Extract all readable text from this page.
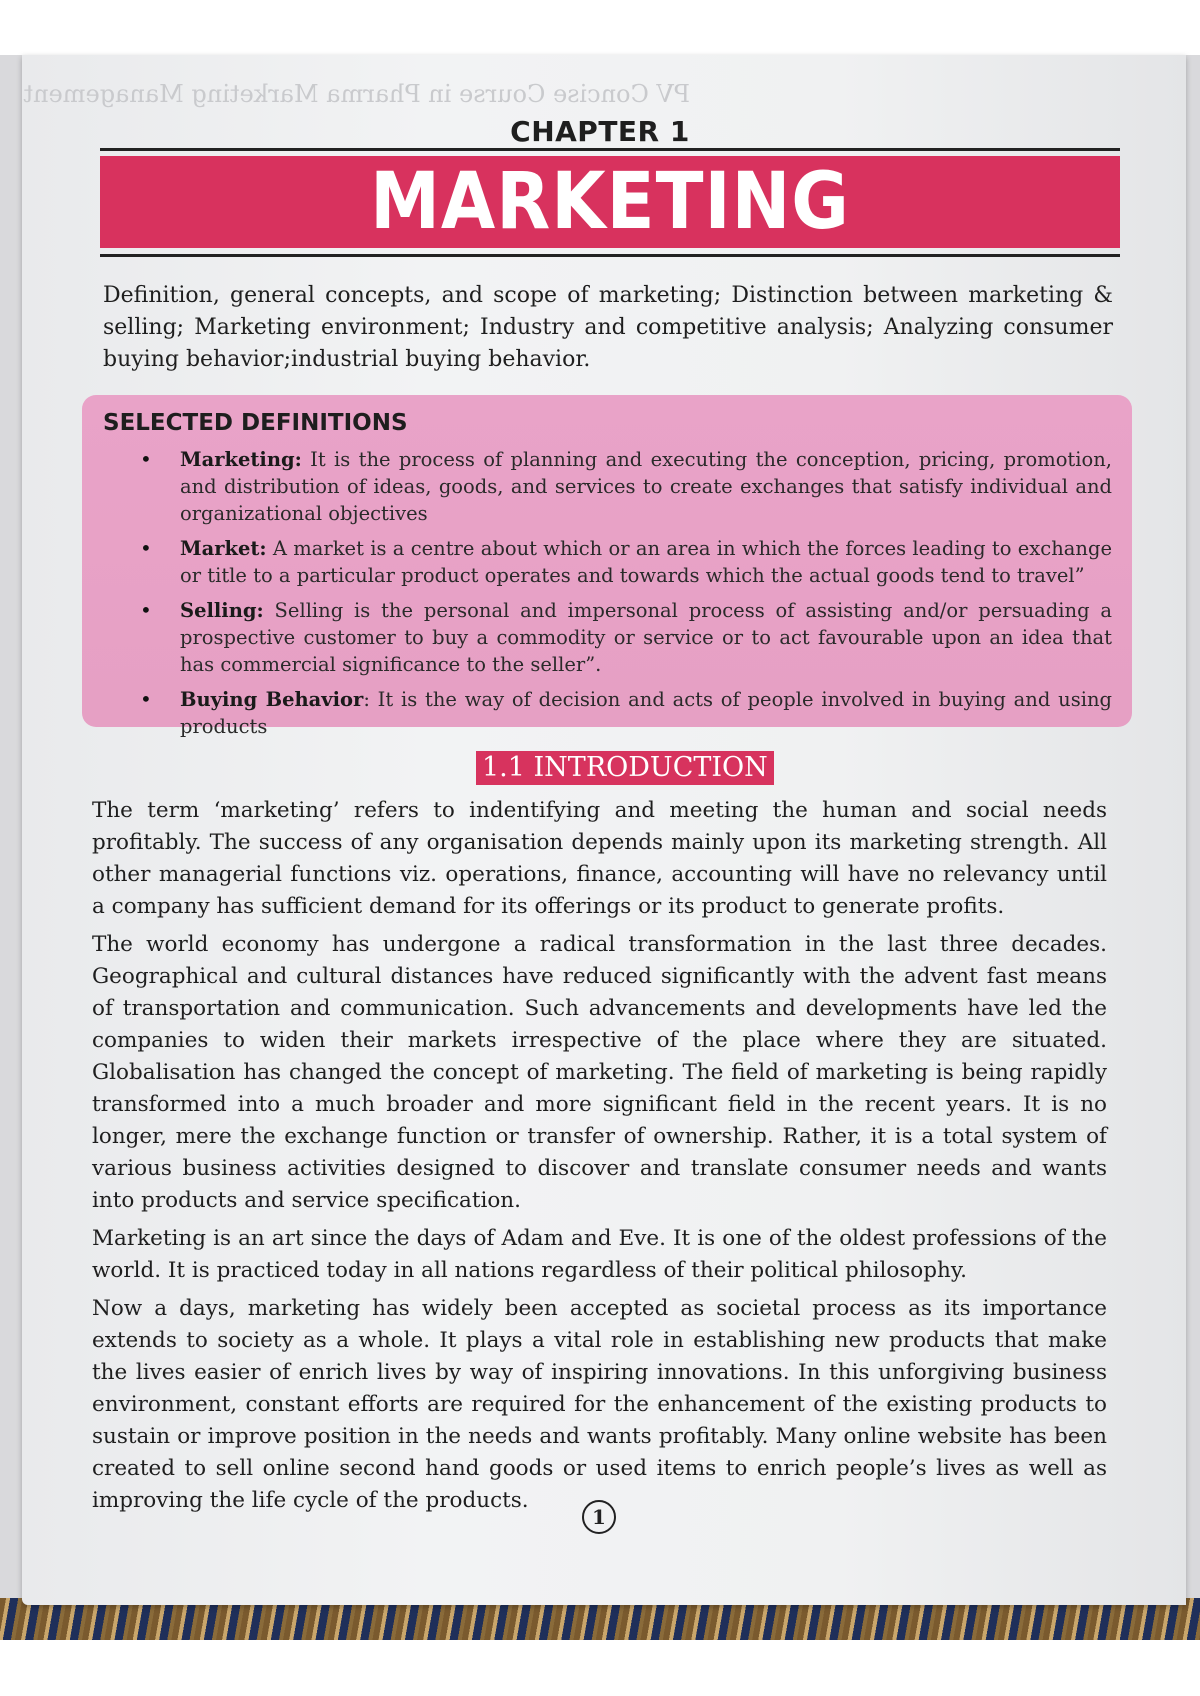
PV Concise Course in Pharma Marketing Management
CHAPTER 1
MARKETING
Definition, general concepts, and scope of marketing; Distinction between marketing & selling; Marketing environment; Industry and competitive analysis; Analyzing consumer buying behavior;industrial buying behavior.
SELECTED DEFINITIONS
• Marketing: It is the process of planning and executing the conception, pricing, promotion, and distribution of ideas, goods, and services to create exchanges that satisfy individual and organizational objectives
• Market: A market is a centre about which or an area in which the forces leading to exchange or title to a particular product operates and towards which the actual goods tend to travel”
• Selling: Selling is the personal and impersonal process of assisting and/or persuading a prospective customer to buy a commodity or service or to act favourable upon an idea that has commercial significance to the seller”.
• Buying Behavior: It is the way of decision and acts of people involved in buying and using products
1.1 INTRODUCTION

The term ‘marketing’ refers to indentifying and meeting the human and social needs profitably. The success of any organisation depends mainly upon its marketing strength. All other managerial functions viz. operations, finance, accounting will have no relevancy until a company has sufficient demand for its offerings or its product to generate profits.

The world economy has undergone a radical transformation in the last three decades. Geographical and cultural distances have reduced significantly with the advent fast means of transportation and communication. Such advancements and developments have led the companies to widen their markets irrespective of the place where they are situated. Globalisation has changed the concept of marketing. The field of marketing is being rapidly transformed into a much broader and more significant field in the recent years. It is no longer, mere the exchange function or transfer of ownership. Rather, it is a total system of various business activities designed to discover and translate consumer needs and wants into products and service specification.

Marketing is an art since the days of Adam and Eve. It is one of the oldest professions of the world. It is practiced today in all nations regardless of their political philosophy.

Now a days, marketing has widely been accepted as societal process as its importance extends to society as a whole. It plays a vital role in establishing new products that make the lives easier of enrich lives by way of inspiring innovations. In this unforgiving business environment, constant efforts are required for the enhancement of the existing products to sustain or improve position in the needs and wants profitably. Many online website has been created to sell online second hand goods or used items to enrich people’s lives as well as improving the life cycle of the products.

1
